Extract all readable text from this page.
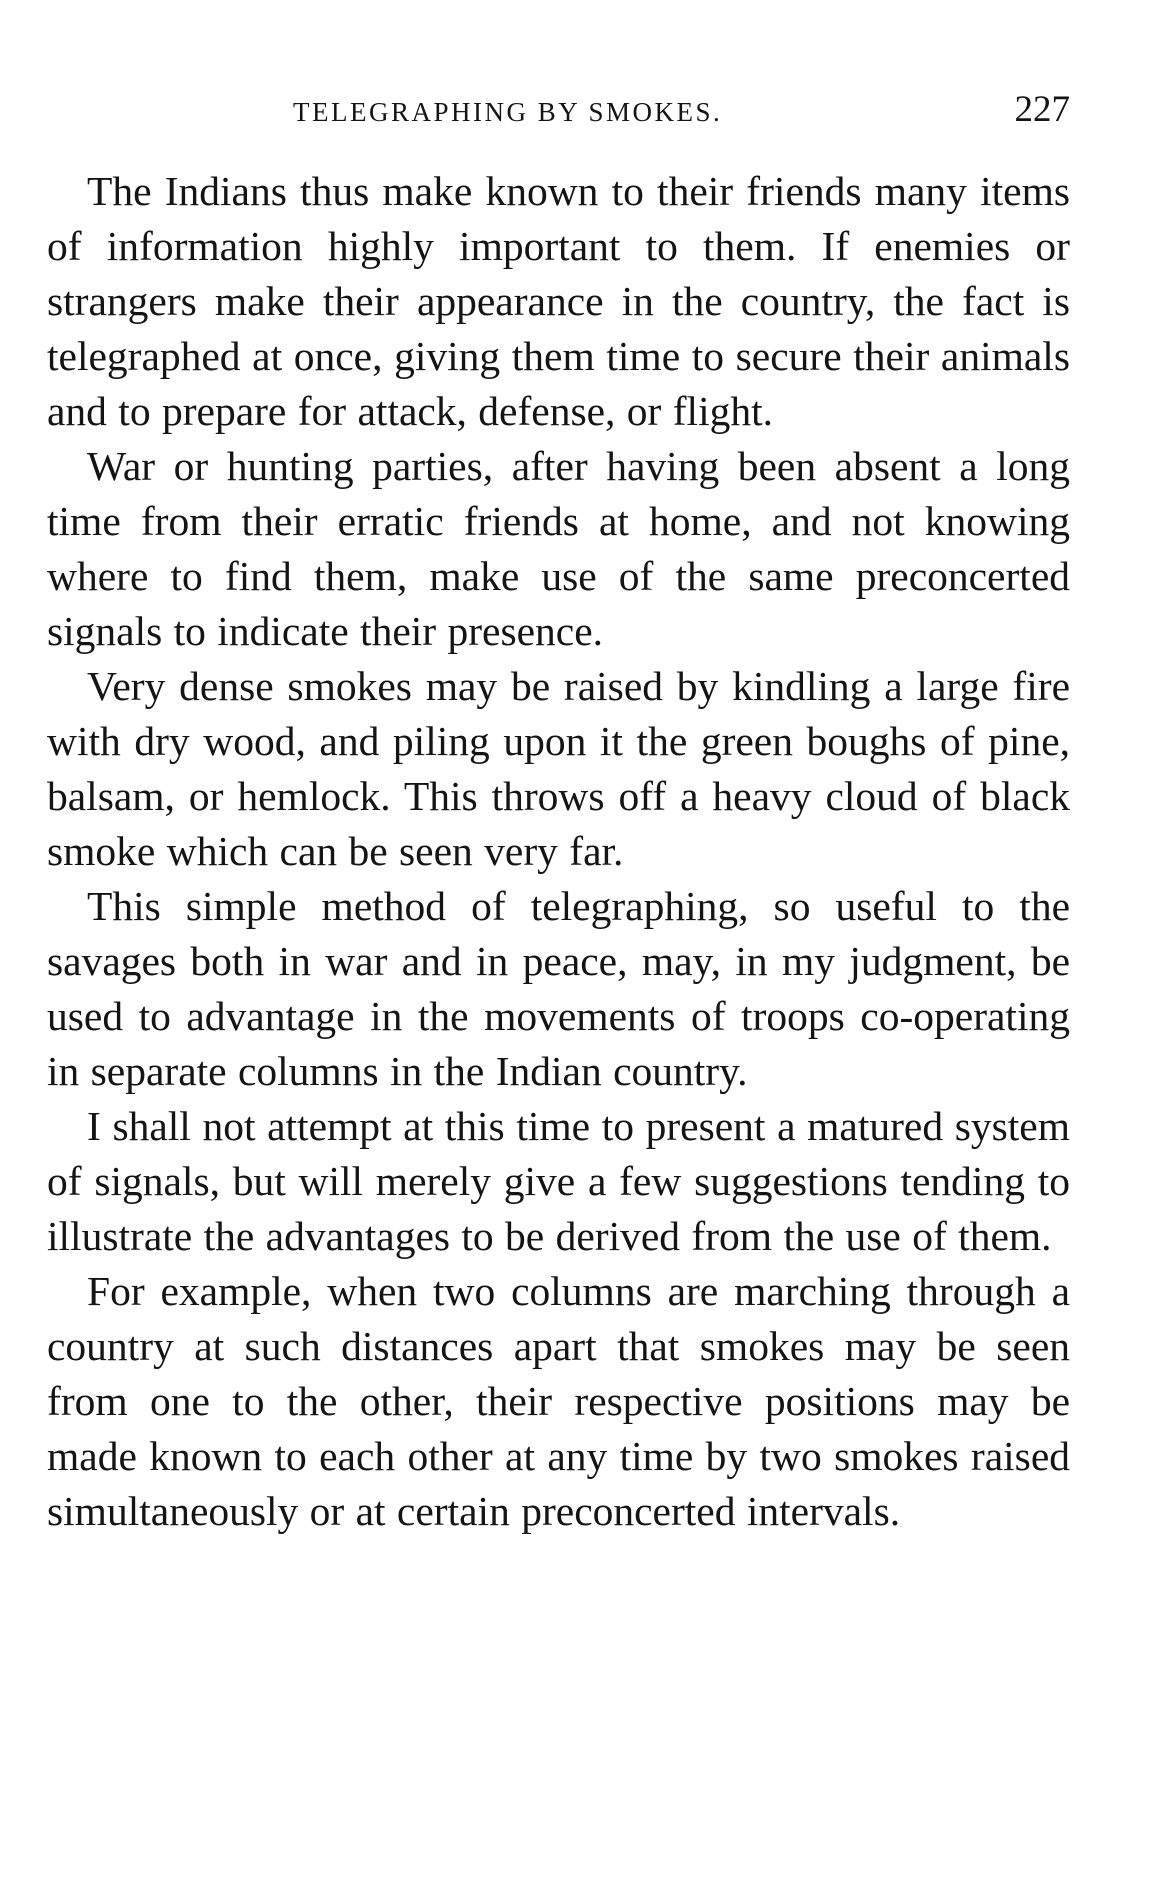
TELEGRAPHING BY SMOKES.	227

The Indians thus make known to their friends many items of information highly important to them. If enemies or strangers make their appearance in the country, the fact is telegraphed at once, giving them time to secure their animals and to prepare for attack, defense, or flight.

War or hunting parties, after having been absent a long time from their erratic friends at home, and not knowing where to find them, make use of the same preconcerted signals to indicate their presence.

Very dense smokes may be raised by kindling a large fire with dry wood, and piling upon it the green boughs of pine, balsam, or hemlock. This throws off a heavy cloud of black smoke which can be seen very far.

This simple method of telegraphing, so useful to the savages both in war and in peace, may, in my judgment, be used to advantage in the movements of troops co-operating in separate columns in the Indian country.

I shall not attempt at this time to present a matured system of signals, but will merely give a few suggestions tending to illustrate the advantages to be derived from the use of them.

For example, when two columns are marching through a country at such distances apart that smokes may be seen from one to the other, their respective positions may be made known to each other at any time by two smokes raised simultaneously or at certain preconcerted intervals.
